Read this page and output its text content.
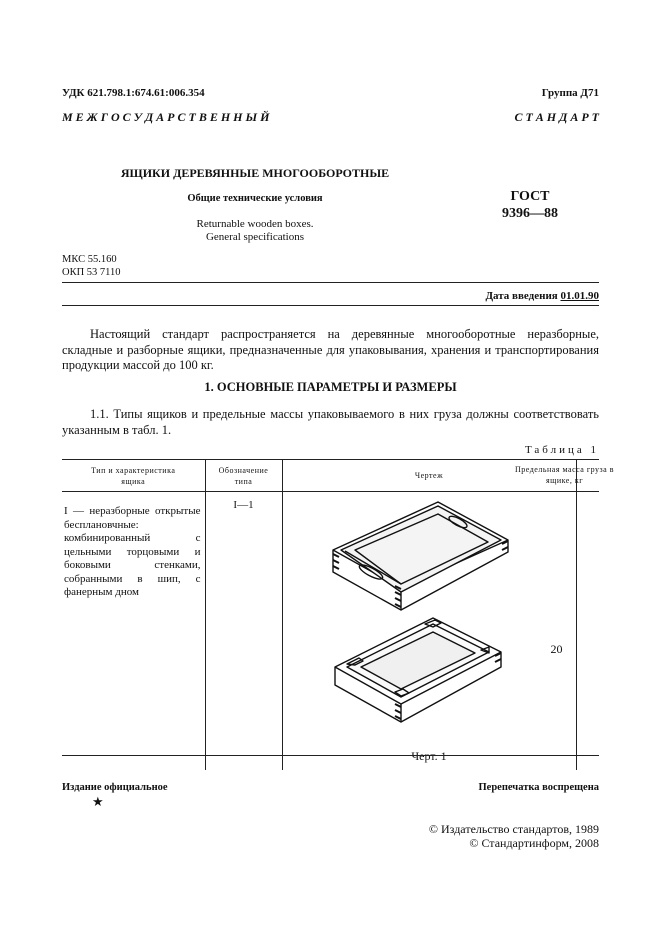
УДК 621.798.1:674.61:006.354	Группа Д71
М Е Ж Г О С У Д А Р С Т В Е Н Н Ы Й	С Т А Н Д А Р Т
ЯЩИКИ ДЕРЕВЯННЫЕ МНОГООБОРОТНЫЕ
Общие технические условия
Returnable wooden boxes.
General specifications
ГОСТ
9396—88
МКС 55.160
ОКП 53 7110
Дата введения 01.01.90
Настоящий стандарт распространяется на деревянные многооборотные неразборные, складные и разборные ящики, предназначенные для упаковывания, хранения и транспортирования продукции массой до 100 кг.
1. ОСНОВНЫЕ ПАРАМЕТРЫ И РАЗМЕРЫ
1.1. Типы ящиков и предельные массы упаковываемого в них груза должны соответствовать указанным в табл. 1.
Таблица 1
Тип и характеристика ящика	Обозначение типа	Чертеж	Предельная масса груза в ящике, кг

I — неразборные открытые бесплановчные: комбинированный с цельными торцовыми и боковыми стенками, собранными в шип, с фанерным дном	I—1	Черт. 1	20
Издание официальное
★
Перепечатка воспрещена
© Издательство стандартов, 1989
© Стандартинформ, 2008
